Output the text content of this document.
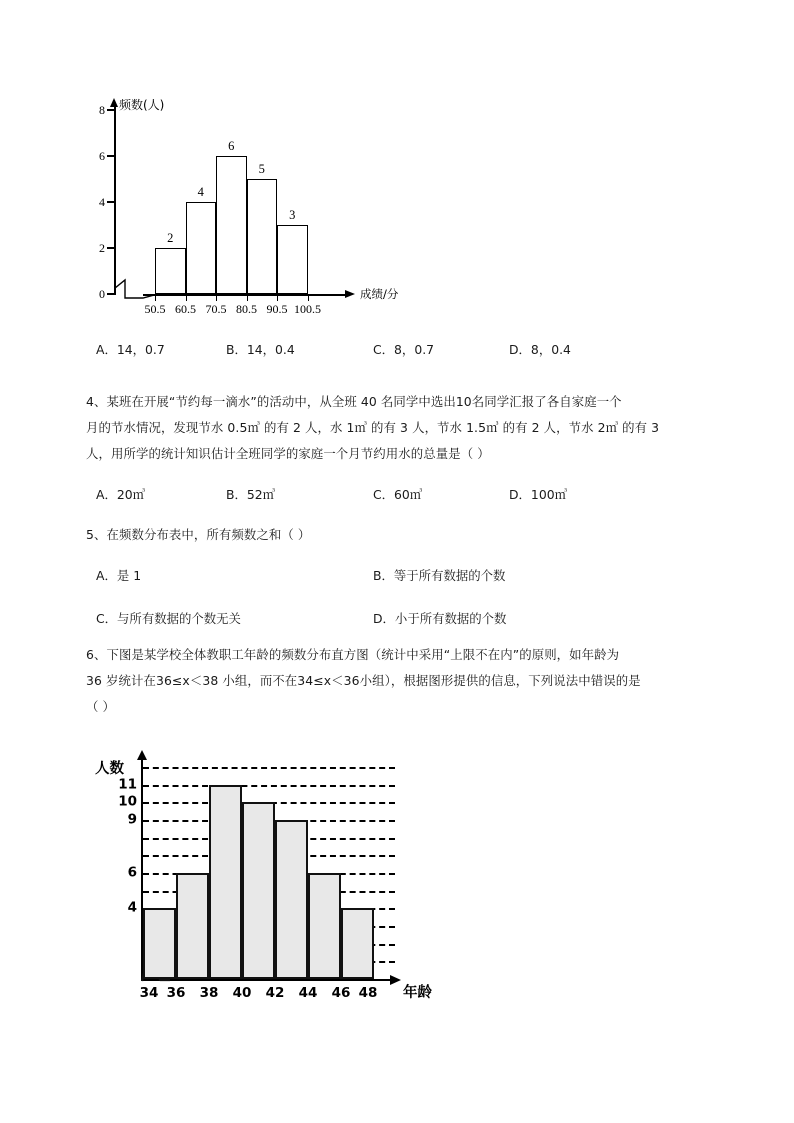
频数(人)
成绩/分
0
2
4
6
8
50.5 60.5 70.5 80.5 90.5 100.5
2
4
6
5
3
A．14，0.7	B．14，0.4	C．8，0.7	D．8，0.4
4、某班在开展“节约每一滴水”的活动中，从全班 40 名同学中选出10名同学汇报了各自家庭一个
月的节水情况，发现节水 0.5㎥ 的有 2 人，水 1㎥ 的有 3 人，节水 1.5㎥ 的有 2 人，节水 2㎥ 的有 3
人，用所学的统计知识估计全班同学的家庭一个月节约用水的总量是（ ）
A．20㎥	B．52㎥	C．60㎥	D．100㎥
5、在频数分布表中，所有频数之和（ ）
A．是 1	B．等于所有数据的个数
C．与所有数据的个数无关	D．小于所有数据的个数
6、下图是某学校全体教职工年龄的频数分布直方图（统计中采用“上限不在内”的原则，如年龄为
36 岁统计在36≤x＜38 小组，而不在34≤x＜36小组），根据图形提供的信息，下列说法中错误的是
（ ）
人数
4
6
9
10
11
34 36 38 40 42 44 46 48 年龄
